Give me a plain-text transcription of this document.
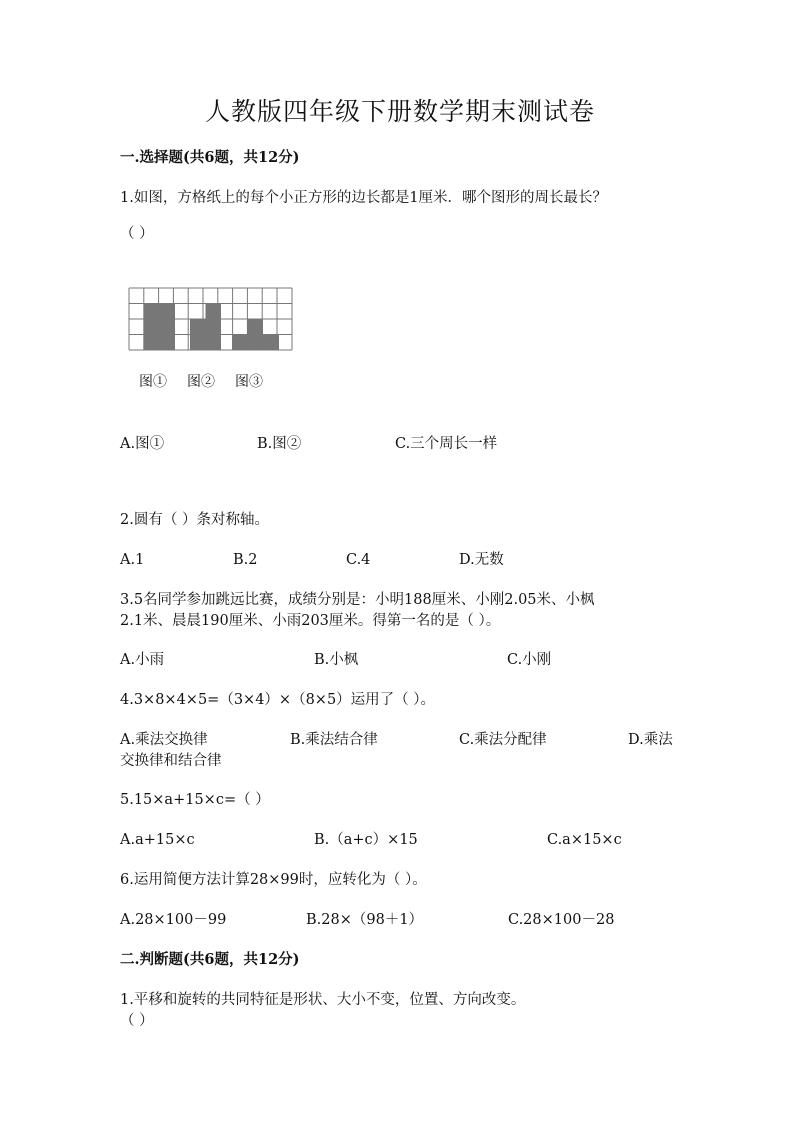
人教版四年级下册数学期末测试卷
一.选择题(共6题，共12分)
1.如图，方格纸上的每个小正方形的边长都是1厘米．哪个图形的周长最长？
（ ）
图① 图② 图③
A.图①	B.图②	C.三个周长一样
2.圆有（ ）条对称轴。
A.1	B.2	C.4	D.无数
3.5名同学参加跳远比赛，成绩分别是：小明188厘米、小刚2.05米、小枫
2.1米、晨晨190厘米、小雨203厘米。得第一名的是（ ）。
A.小雨	B.小枫	C.小刚
4.3×8×4×5=（3×4）×（8×5）运用了（ ）。
A.乘法交换律	B.乘法结合律	C.乘法分配律	D.乘法
交换律和结合律
5.15×a+15×c=（ ）
A.a+15×c	B.（a+c）×15	C.a×15×c
6.运用简便方法计算28×99时，应转化为（ ）。
A.28×100－99	B.28×（98＋1）	C.28×100－28
二.判断题(共6题，共12分)
1.平移和旋转的共同特征是形状、大小不变，位置、方向改变。
（ ）
